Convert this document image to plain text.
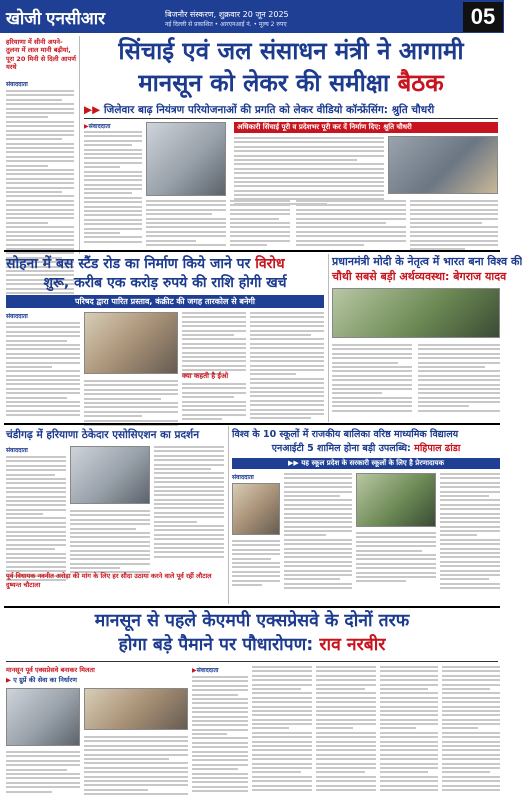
खोजी एनसीआर	बिजनौर संस्करण, शुक्रवार 20 जून 2025
नई दिल्ली से प्रकाशित • आरएनआई नं. • मूल्य 2 रुपए	05
हरियाणा में सीनी अपने-तुलना में लाल मानी बढ़ीयां, पूरा 20 मिनी से दिली आपर्ण यरथे
संवाददाता
सिंचाई एवं जल संसाधन मंत्री ने आगामी
मानसून को लेकर की समीक्षा बैठक
▶▶ जिलेवार बाढ़ नियंत्रण परियोजनाओं की प्रगति को लेकर वीडियो कॉन्फ्रेंसिंग: श्रुति चौधरी
▶संवाददाता	अधिकारी सिंचाई पूरी व प्रदेशभर पूरी कर दें निर्माण दिए: श्रुति चौधरी
सोहना में बस स्टैंड रोड का निर्माण किये जाने पर विरोध
शुरू, करीब एक करोड़ रुपये की राशि होगी खर्च
परिषद द्वारा पारित प्रस्ताव, कंक्रीट की जगह तारकोल से बनेगी
संवाददाता
क्या कहती है ईओ
प्रधानमंत्री मोदी के नेतृत्व में भारत बना विश्व की
चौथी सबसे बड़ी अर्थव्यवस्था: बेगराज यादव
चंडीगढ़ में हरियाणा ठेकेदार एसोसिएशन का प्रदर्शन
संवाददाता
पूर्व विधायक नवनीत अरोड़ा की मांग के लिए हर सौदा उठाया करने वाले पूर्व रहीं लौटाल दुष्यन्त चौटाला
विश्व के 10 स्कूलों में राजकीय बालिका वरिष्ठ माध्यमिक विद्यालय
एनआईटी 5 शामिल होना बड़ी उपलब्धि: महिपाल ढांडा
▶▶ यह स्कूल प्रदेश के सरकारी स्कूलों के लिए है प्रेरणादायक
संवाददाता
मानसून से पहले केएमपी एक्सप्रेसवे के दोनों तरफ
होगा बड़े पैमाने पर पौधारोपण: राव नरबीर
मानसून पूर्व एक्सप्रेसवे बनाकर मिलता
▶ ए ग्रुप्रें की सेवा का निर्धारण
▶संवाददाता
